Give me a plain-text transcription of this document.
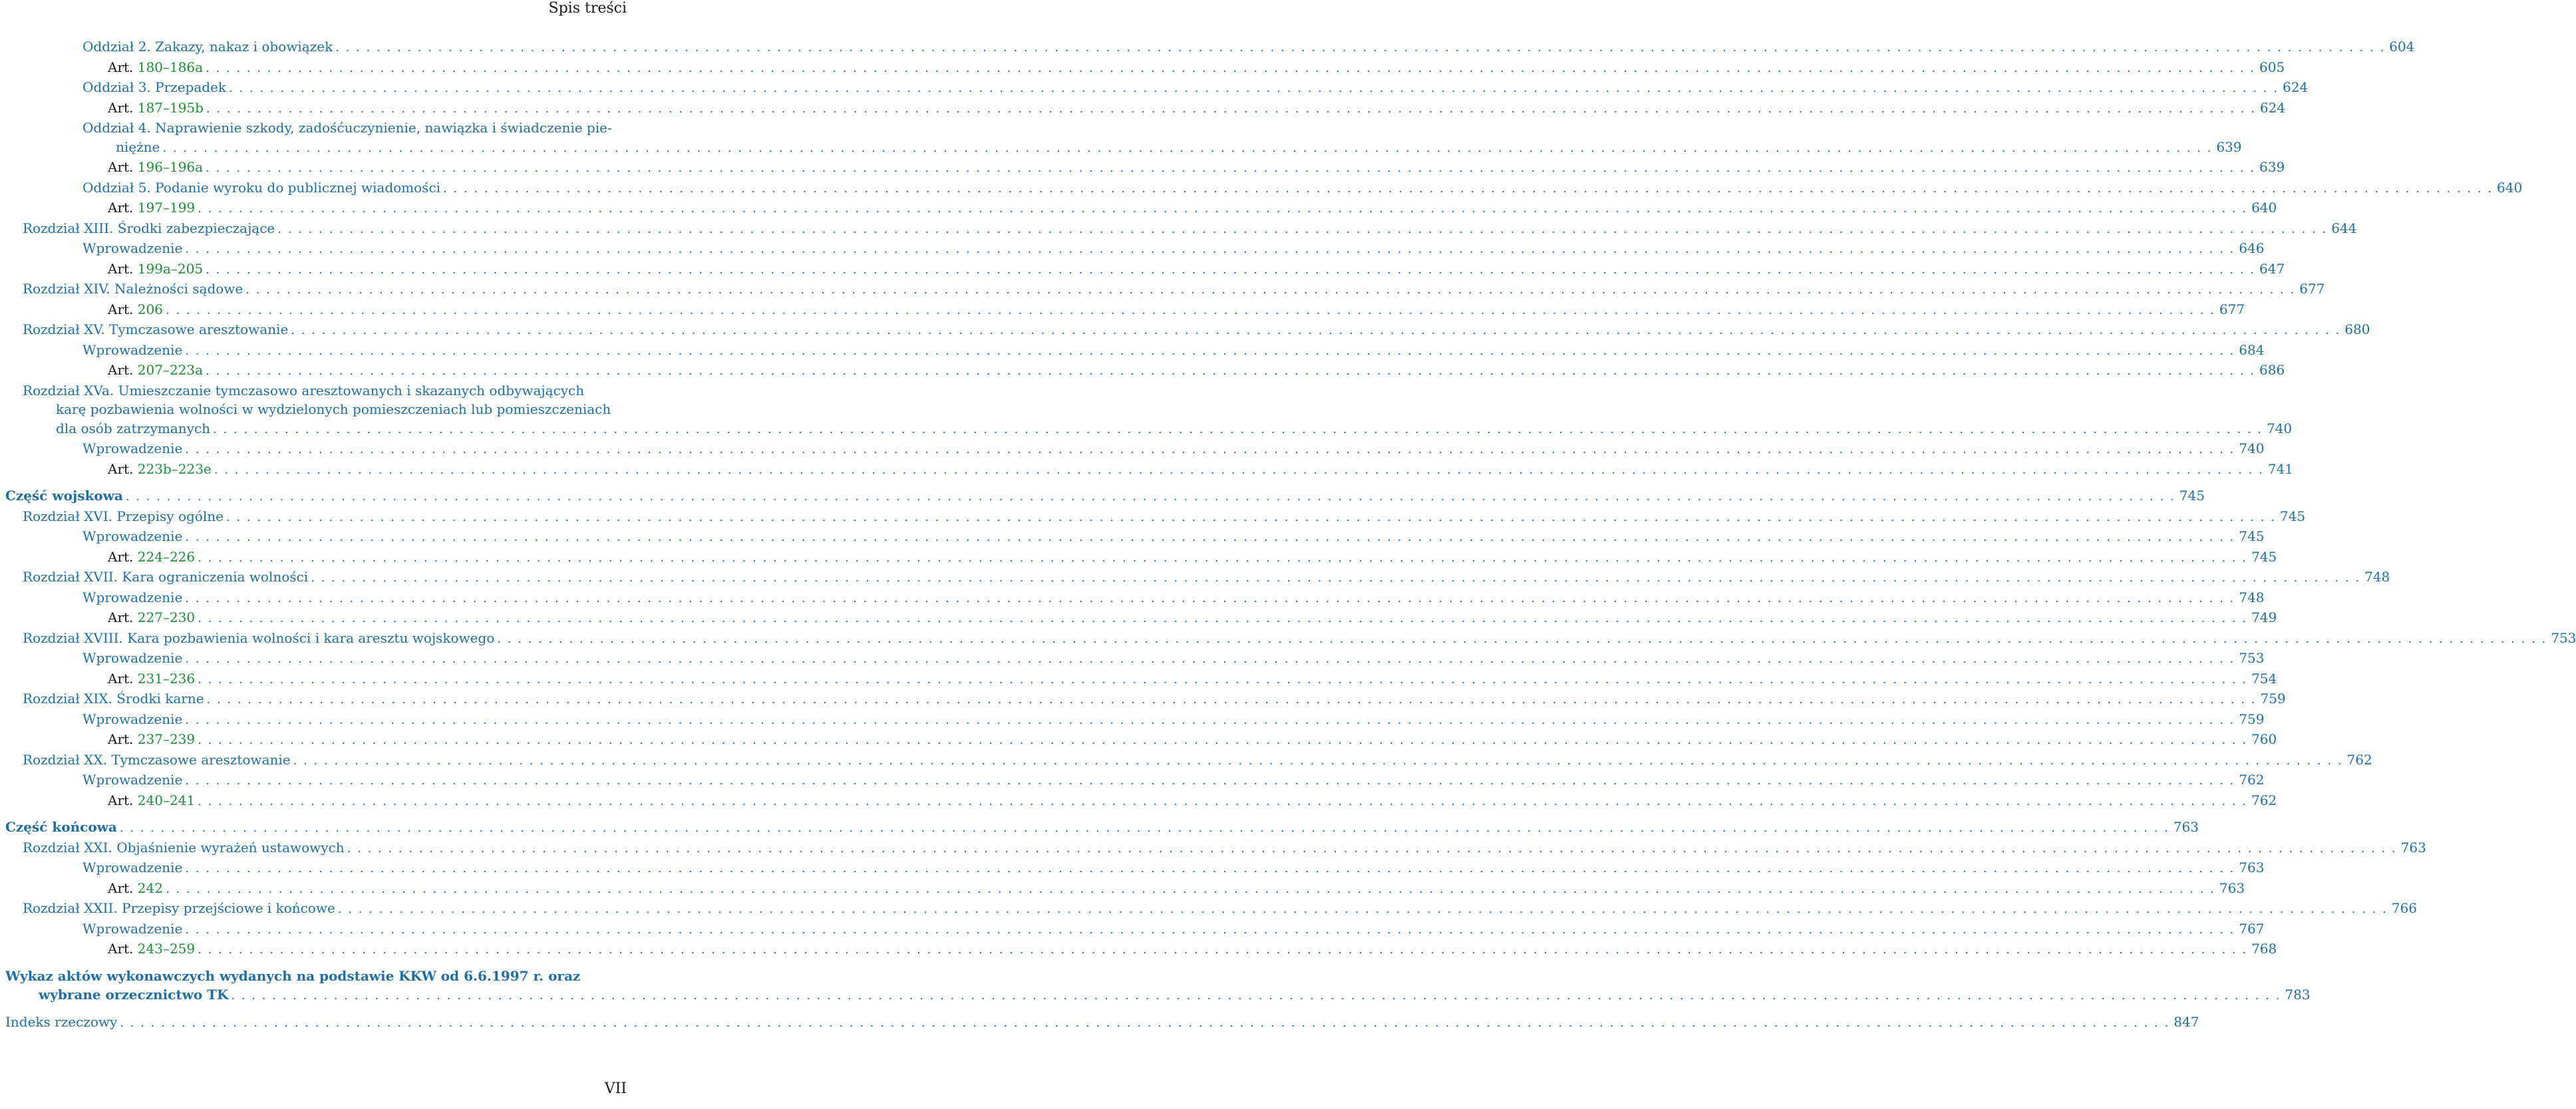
Spis treści
Oddział 2. Zakazy, nakaz i obowiązek . . . . . . . . . . . . . . . . . . . . . . . . . . . . . . . . . . . . . . . . . . . . . . . . . . . . . . . . . . . . . . . . . . . . . . . . . . . . . . . . . . . . . . . . . . . . . . . . . . . . . . . . . . . . . . . . . . . . . . . . . . . . . . . . . . . . . . . . . . . . . . . . . . . . . . . . . . . . . . . . . . . . . . . . . . . . . . . . . . . . . . . . . . . . . . . . . . . . . . . . 604
Art. 180–186a . . . . . . . . . . . . . . . . . . . . . . . . . . . . . . . . . . . . . . . . . . . . . . . . . . . . . . . . . . . . . . . . . . . . . . . . . . . . . . . . . . . . . . . . . . . . . . . . . . . . . . . . . . . . . . . . . . . . . . . . . . . . . . . . . . . . . . . . . . . . . . . . . . . . . . . . . . . . . . . . . . . . . . . . . . . . . . . . . . . . . . . . . . . . . . . . . . . . . . . . 605
Oddział 3. Przepadek . . . . . . . . . . . . . . . . . . . . . . . . . . . . . . . . . . . . . . . . . . . . . . . . . . . . . . . . . . . . . . . . . . . . . . . . . . . . . . . . . . . . . . . . . . . . . . . . . . . . . . . . . . . . . . . . . . . . . . . . . . . . . . . . . . . . . . . . . . . . . . . . . . . . . . . . . . . . . . . . . . . . . . . . . . . . . . . . . . . . . . . . . . . . . . . . . . . . . . . . 624
Art. 187–195b . . . . . . . . . . . . . . . . . . . . . . . . . . . . . . . . . . . . . . . . . . . . . . . . . . . . . . . . . . . . . . . . . . . . . . . . . . . . . . . . . . . . . . . . . . . . . . . . . . . . . . . . . . . . . . . . . . . . . . . . . . . . . . . . . . . . . . . . . . . . . . . . . . . . . . . . . . . . . . . . . . . . . . . . . . . . . . . . . . . . . . . . . . . . . . . . . . . . . . . . 624
Oddział 4. Naprawienie szkody, zadośćuczynienie, nawiązka i świadczenie pie-
niężne . . . . . . . . . . . . . . . . . . . . . . . . . . . . . . . . . . . . . . . . . . . . . . . . . . . . . . . . . . . . . . . . . . . . . . . . . . . . . . . . . . . . . . . . . . . . . . . . . . . . . . . . . . . . . . . . . . . . . . . . . . . . . . . . . . . . . . . . . . . . . . . . . . . . . . . . . . . . . . . . . . . . . . . . . . . . . . . . . . . . . . . . . . . . . . . . . . . . . . . . 639
Art. 196–196a . . . . . . . . . . . . . . . . . . . . . . . . . . . . . . . . . . . . . . . . . . . . . . . . . . . . . . . . . . . . . . . . . . . . . . . . . . . . . . . . . . . . . . . . . . . . . . . . . . . . . . . . . . . . . . . . . . . . . . . . . . . . . . . . . . . . . . . . . . . . . . . . . . . . . . . . . . . . . . . . . . . . . . . . . . . . . . . . . . . . . . . . . . . . . . . . . . . . . . . . 639
Oddział 5. Podanie wyroku do publicznej wiadomości . . . . . . . . . . . . . . . . . . . . . . . . . . . . . . . . . . . . . . . . . . . . . . . . . . . . . . . . . . . . . . . . . . . . . . . . . . . . . . . . . . . . . . . . . . . . . . . . . . . . . . . . . . . . . . . . . . . . . . . . . . . . . . . . . . . . . . . . . . . . . . . . . . . . . . . . . . . . . . . . . . . . . . . . . . . . . . . . . . . . . . . . . . . . . . . . . . . . . . . . 640
Art. 197–199 . . . . . . . . . . . . . . . . . . . . . . . . . . . . . . . . . . . . . . . . . . . . . . . . . . . . . . . . . . . . . . . . . . . . . . . . . . . . . . . . . . . . . . . . . . . . . . . . . . . . . . . . . . . . . . . . . . . . . . . . . . . . . . . . . . . . . . . . . . . . . . . . . . . . . . . . . . . . . . . . . . . . . . . . . . . . . . . . . . . . . . . . . . . . . . . . . . . . . . . . 640
Rozdział XIII. Środki zabezpieczające . . . . . . . . . . . . . . . . . . . . . . . . . . . . . . . . . . . . . . . . . . . . . . . . . . . . . . . . . . . . . . . . . . . . . . . . . . . . . . . . . . . . . . . . . . . . . . . . . . . . . . . . . . . . . . . . . . . . . . . . . . . . . . . . . . . . . . . . . . . . . . . . . . . . . . . . . . . . . . . . . . . . . . . . . . . . . . . . . . . . . . . . . . . . . . . . . . . . . . . . 644
Wprowadzenie . . . . . . . . . . . . . . . . . . . . . . . . . . . . . . . . . . . . . . . . . . . . . . . . . . . . . . . . . . . . . . . . . . . . . . . . . . . . . . . . . . . . . . . . . . . . . . . . . . . . . . . . . . . . . . . . . . . . . . . . . . . . . . . . . . . . . . . . . . . . . . . . . . . . . . . . . . . . . . . . . . . . . . . . . . . . . . . . . . . . . . . . . . . . . . . . . . . . . . . . 646
Art. 199a–205 . . . . . . . . . . . . . . . . . . . . . . . . . . . . . . . . . . . . . . . . . . . . . . . . . . . . . . . . . . . . . . . . . . . . . . . . . . . . . . . . . . . . . . . . . . . . . . . . . . . . . . . . . . . . . . . . . . . . . . . . . . . . . . . . . . . . . . . . . . . . . . . . . . . . . . . . . . . . . . . . . . . . . . . . . . . . . . . . . . . . . . . . . . . . . . . . . . . . . . . . 647
Rozdział XIV. Należności sądowe . . . . . . . . . . . . . . . . . . . . . . . . . . . . . . . . . . . . . . . . . . . . . . . . . . . . . . . . . . . . . . . . . . . . . . . . . . . . . . . . . . . . . . . . . . . . . . . . . . . . . . . . . . . . . . . . . . . . . . . . . . . . . . . . . . . . . . . . . . . . . . . . . . . . . . . . . . . . . . . . . . . . . . . . . . . . . . . . . . . . . . . . . . . . . . . . . . . . . . . . 677
Art. 206 . . . . . . . . . . . . . . . . . . . . . . . . . . . . . . . . . . . . . . . . . . . . . . . . . . . . . . . . . . . . . . . . . . . . . . . . . . . . . . . . . . . . . . . . . . . . . . . . . . . . . . . . . . . . . . . . . . . . . . . . . . . . . . . . . . . . . . . . . . . . . . . . . . . . . . . . . . . . . . . . . . . . . . . . . . . . . . . . . . . . . . . . . . . . . . . . . . . . . . . . 677
Rozdział XV. Tymczasowe aresztowanie . . . . . . . . . . . . . . . . . . . . . . . . . . . . . . . . . . . . . . . . . . . . . . . . . . . . . . . . . . . . . . . . . . . . . . . . . . . . . . . . . . . . . . . . . . . . . . . . . . . . . . . . . . . . . . . . . . . . . . . . . . . . . . . . . . . . . . . . . . . . . . . . . . . . . . . . . . . . . . . . . . . . . . . . . . . . . . . . . . . . . . . . . . . . . . . . . . . . . . . . 680
Wprowadzenie . . . . . . . . . . . . . . . . . . . . . . . . . . . . . . . . . . . . . . . . . . . . . . . . . . . . . . . . . . . . . . . . . . . . . . . . . . . . . . . . . . . . . . . . . . . . . . . . . . . . . . . . . . . . . . . . . . . . . . . . . . . . . . . . . . . . . . . . . . . . . . . . . . . . . . . . . . . . . . . . . . . . . . . . . . . . . . . . . . . . . . . . . . . . . . . . . . . . . . . . 684
Art. 207–223a . . . . . . . . . . . . . . . . . . . . . . . . . . . . . . . . . . . . . . . . . . . . . . . . . . . . . . . . . . . . . . . . . . . . . . . . . . . . . . . . . . . . . . . . . . . . . . . . . . . . . . . . . . . . . . . . . . . . . . . . . . . . . . . . . . . . . . . . . . . . . . . . . . . . . . . . . . . . . . . . . . . . . . . . . . . . . . . . . . . . . . . . . . . . . . . . . . . . . . . . 686
Rozdział XVa. Umieszczanie tymczasowo aresztowanych i skazanych odbywających
karę pozbawienia wolności w wydzielonych pomieszczeniach lub pomieszczeniach
dla osób zatrzymanych . . . . . . . . . . . . . . . . . . . . . . . . . . . . . . . . . . . . . . . . . . . . . . . . . . . . . . . . . . . . . . . . . . . . . . . . . . . . . . . . . . . . . . . . . . . . . . . . . . . . . . . . . . . . . . . . . . . . . . . . . . . . . . . . . . . . . . . . . . . . . . . . . . . . . . . . . . . . . . . . . . . . . . . . . . . . . . . . . . . . . . . . . . . . . . . . . . . . . . . . 740
Wprowadzenie . . . . . . . . . . . . . . . . . . . . . . . . . . . . . . . . . . . . . . . . . . . . . . . . . . . . . . . . . . . . . . . . . . . . . . . . . . . . . . . . . . . . . . . . . . . . . . . . . . . . . . . . . . . . . . . . . . . . . . . . . . . . . . . . . . . . . . . . . . . . . . . . . . . . . . . . . . . . . . . . . . . . . . . . . . . . . . . . . . . . . . . . . . . . . . . . . . . . . . . . 740
Art. 223b–223e . . . . . . . . . . . . . . . . . . . . . . . . . . . . . . . . . . . . . . . . . . . . . . . . . . . . . . . . . . . . . . . . . . . . . . . . . . . . . . . . . . . . . . . . . . . . . . . . . . . . . . . . . . . . . . . . . . . . . . . . . . . . . . . . . . . . . . . . . . . . . . . . . . . . . . . . . . . . . . . . . . . . . . . . . . . . . . . . . . . . . . . . . . . . . . . . . . . . . . . . 741
Część wojskowa . . . . . . . . . . . . . . . . . . . . . . . . . . . . . . . . . . . . . . . . . . . . . . . . . . . . . . . . . . . . . . . . . . . . . . . . . . . . . . . . . . . . . . . . . . . . . . . . . . . . . . . . . . . . . . . . . . . . . . . . . . . . . . . . . . . . . . . . . . . . . . . . . . . . . . . . . . . . . . . . . . . . . . . . . . . . . . . . . . . . . . . . . . . . . . . . . . . . . . . . 745
Rozdział XVI. Przepisy ogólne . . . . . . . . . . . . . . . . . . . . . . . . . . . . . . . . . . . . . . . . . . . . . . . . . . . . . . . . . . . . . . . . . . . . . . . . . . . . . . . . . . . . . . . . . . . . . . . . . . . . . . . . . . . . . . . . . . . . . . . . . . . . . . . . . . . . . . . . . . . . . . . . . . . . . . . . . . . . . . . . . . . . . . . . . . . . . . . . . . . . . . . . . . . . . . . . . . . . . . . . 745
Wprowadzenie . . . . . . . . . . . . . . . . . . . . . . . . . . . . . . . . . . . . . . . . . . . . . . . . . . . . . . . . . . . . . . . . . . . . . . . . . . . . . . . . . . . . . . . . . . . . . . . . . . . . . . . . . . . . . . . . . . . . . . . . . . . . . . . . . . . . . . . . . . . . . . . . . . . . . . . . . . . . . . . . . . . . . . . . . . . . . . . . . . . . . . . . . . . . . . . . . . . . . . . . 745
Art. 224–226 . . . . . . . . . . . . . . . . . . . . . . . . . . . . . . . . . . . . . . . . . . . . . . . . . . . . . . . . . . . . . . . . . . . . . . . . . . . . . . . . . . . . . . . . . . . . . . . . . . . . . . . . . . . . . . . . . . . . . . . . . . . . . . . . . . . . . . . . . . . . . . . . . . . . . . . . . . . . . . . . . . . . . . . . . . . . . . . . . . . . . . . . . . . . . . . . . . . . . . . . 745
Rozdział XVII. Kara ograniczenia wolności . . . . . . . . . . . . . . . . . . . . . . . . . . . . . . . . . . . . . . . . . . . . . . . . . . . . . . . . . . . . . . . . . . . . . . . . . . . . . . . . . . . . . . . . . . . . . . . . . . . . . . . . . . . . . . . . . . . . . . . . . . . . . . . . . . . . . . . . . . . . . . . . . . . . . . . . . . . . . . . . . . . . . . . . . . . . . . . . . . . . . . . . . . . . . . . . . . . . . . . . 748
Wprowadzenie . . . . . . . . . . . . . . . . . . . . . . . . . . . . . . . . . . . . . . . . . . . . . . . . . . . . . . . . . . . . . . . . . . . . . . . . . . . . . . . . . . . . . . . . . . . . . . . . . . . . . . . . . . . . . . . . . . . . . . . . . . . . . . . . . . . . . . . . . . . . . . . . . . . . . . . . . . . . . . . . . . . . . . . . . . . . . . . . . . . . . . . . . . . . . . . . . . . . . . . . 748
Art. 227–230 . . . . . . . . . . . . . . . . . . . . . . . . . . . . . . . . . . . . . . . . . . . . . . . . . . . . . . . . . . . . . . . . . . . . . . . . . . . . . . . . . . . . . . . . . . . . . . . . . . . . . . . . . . . . . . . . . . . . . . . . . . . . . . . . . . . . . . . . . . . . . . . . . . . . . . . . . . . . . . . . . . . . . . . . . . . . . . . . . . . . . . . . . . . . . . . . . . . . . . . . 749
Rozdział XVIII. Kara pozbawienia wolności i kara aresztu wojskowego . . . . . . . . . . . . . . . . . . . . . . . . . . . . . . . . . . . . . . . . . . . . . . . . . . . . . . . . . . . . . . . . . . . . . . . . . . . . . . . . . . . . . . . . . . . . . . . . . . . . . . . . . . . . . . . . . . . . . . . . . . . . . . . . . . . . . . . . . . . . . . . . . . . . . . . . . . . . . . . . . . . . . . . . . . . . . . . . . . . . . . . . . . . . . . . . . . . . . . . . 753
Wprowadzenie . . . . . . . . . . . . . . . . . . . . . . . . . . . . . . . . . . . . . . . . . . . . . . . . . . . . . . . . . . . . . . . . . . . . . . . . . . . . . . . . . . . . . . . . . . . . . . . . . . . . . . . . . . . . . . . . . . . . . . . . . . . . . . . . . . . . . . . . . . . . . . . . . . . . . . . . . . . . . . . . . . . . . . . . . . . . . . . . . . . . . . . . . . . . . . . . . . . . . . . . 753
Art. 231–236 . . . . . . . . . . . . . . . . . . . . . . . . . . . . . . . . . . . . . . . . . . . . . . . . . . . . . . . . . . . . . . . . . . . . . . . . . . . . . . . . . . . . . . . . . . . . . . . . . . . . . . . . . . . . . . . . . . . . . . . . . . . . . . . . . . . . . . . . . . . . . . . . . . . . . . . . . . . . . . . . . . . . . . . . . . . . . . . . . . . . . . . . . . . . . . . . . . . . . . . . 754
Rozdział XIX. Środki karne . . . . . . . . . . . . . . . . . . . . . . . . . . . . . . . . . . . . . . . . . . . . . . . . . . . . . . . . . . . . . . . . . . . . . . . . . . . . . . . . . . . . . . . . . . . . . . . . . . . . . . . . . . . . . . . . . . . . . . . . . . . . . . . . . . . . . . . . . . . . . . . . . . . . . . . . . . . . . . . . . . . . . . . . . . . . . . . . . . . . . . . . . . . . . . . . . . . . . . . . 759
Wprowadzenie . . . . . . . . . . . . . . . . . . . . . . . . . . . . . . . . . . . . . . . . . . . . . . . . . . . . . . . . . . . . . . . . . . . . . . . . . . . . . . . . . . . . . . . . . . . . . . . . . . . . . . . . . . . . . . . . . . . . . . . . . . . . . . . . . . . . . . . . . . . . . . . . . . . . . . . . . . . . . . . . . . . . . . . . . . . . . . . . . . . . . . . . . . . . . . . . . . . . . . . . 759
Art. 237–239 . . . . . . . . . . . . . . . . . . . . . . . . . . . . . . . . . . . . . . . . . . . . . . . . . . . . . . . . . . . . . . . . . . . . . . . . . . . . . . . . . . . . . . . . . . . . . . . . . . . . . . . . . . . . . . . . . . . . . . . . . . . . . . . . . . . . . . . . . . . . . . . . . . . . . . . . . . . . . . . . . . . . . . . . . . . . . . . . . . . . . . . . . . . . . . . . . . . . . . . . 760
Rozdział XX. Tymczasowe aresztowanie . . . . . . . . . . . . . . . . . . . . . . . . . . . . . . . . . . . . . . . . . . . . . . . . . . . . . . . . . . . . . . . . . . . . . . . . . . . . . . . . . . . . . . . . . . . . . . . . . . . . . . . . . . . . . . . . . . . . . . . . . . . . . . . . . . . . . . . . . . . . . . . . . . . . . . . . . . . . . . . . . . . . . . . . . . . . . . . . . . . . . . . . . . . . . . . . . . . . . . . . 762
Wprowadzenie . . . . . . . . . . . . . . . . . . . . . . . . . . . . . . . . . . . . . . . . . . . . . . . . . . . . . . . . . . . . . . . . . . . . . . . . . . . . . . . . . . . . . . . . . . . . . . . . . . . . . . . . . . . . . . . . . . . . . . . . . . . . . . . . . . . . . . . . . . . . . . . . . . . . . . . . . . . . . . . . . . . . . . . . . . . . . . . . . . . . . . . . . . . . . . . . . . . . . . . . 762
Art. 240–241 . . . . . . . . . . . . . . . . . . . . . . . . . . . . . . . . . . . . . . . . . . . . . . . . . . . . . . . . . . . . . . . . . . . . . . . . . . . . . . . . . . . . . . . . . . . . . . . . . . . . . . . . . . . . . . . . . . . . . . . . . . . . . . . . . . . . . . . . . . . . . . . . . . . . . . . . . . . . . . . . . . . . . . . . . . . . . . . . . . . . . . . . . . . . . . . . . . . . . . . . 762
Część końcowa . . . . . . . . . . . . . . . . . . . . . . . . . . . . . . . . . . . . . . . . . . . . . . . . . . . . . . . . . . . . . . . . . . . . . . . . . . . . . . . . . . . . . . . . . . . . . . . . . . . . . . . . . . . . . . . . . . . . . . . . . . . . . . . . . . . . . . . . . . . . . . . . . . . . . . . . . . . . . . . . . . . . . . . . . . . . . . . . . . . . . . . . . . . . . . . . . . . . . . . . 763
Rozdział XXI. Objaśnienie wyrażeń ustawowych . . . . . . . . . . . . . . . . . . . . . . . . . . . . . . . . . . . . . . . . . . . . . . . . . . . . . . . . . . . . . . . . . . . . . . . . . . . . . . . . . . . . . . . . . . . . . . . . . . . . . . . . . . . . . . . . . . . . . . . . . . . . . . . . . . . . . . . . . . . . . . . . . . . . . . . . . . . . . . . . . . . . . . . . . . . . . . . . . . . . . . . . . . . . . . . . . . . . . . . . 763
Wprowadzenie . . . . . . . . . . . . . . . . . . . . . . . . . . . . . . . . . . . . . . . . . . . . . . . . . . . . . . . . . . . . . . . . . . . . . . . . . . . . . . . . . . . . . . . . . . . . . . . . . . . . . . . . . . . . . . . . . . . . . . . . . . . . . . . . . . . . . . . . . . . . . . . . . . . . . . . . . . . . . . . . . . . . . . . . . . . . . . . . . . . . . . . . . . . . . . . . . . . . . . . . 763
Art. 242 . . . . . . . . . . . . . . . . . . . . . . . . . . . . . . . . . . . . . . . . . . . . . . . . . . . . . . . . . . . . . . . . . . . . . . . . . . . . . . . . . . . . . . . . . . . . . . . . . . . . . . . . . . . . . . . . . . . . . . . . . . . . . . . . . . . . . . . . . . . . . . . . . . . . . . . . . . . . . . . . . . . . . . . . . . . . . . . . . . . . . . . . . . . . . . . . . . . . . . . . 763
Rozdział XXII. Przepisy przejściowe i końcowe . . . . . . . . . . . . . . . . . . . . . . . . . . . . . . . . . . . . . . . . . . . . . . . . . . . . . . . . . . . . . . . . . . . . . . . . . . . . . . . . . . . . . . . . . . . . . . . . . . . . . . . . . . . . . . . . . . . . . . . . . . . . . . . . . . . . . . . . . . . . . . . . . . . . . . . . . . . . . . . . . . . . . . . . . . . . . . . . . . . . . . . . . . . . . . . . . . . . . . . . 766
Wprowadzenie . . . . . . . . . . . . . . . . . . . . . . . . . . . . . . . . . . . . . . . . . . . . . . . . . . . . . . . . . . . . . . . . . . . . . . . . . . . . . . . . . . . . . . . . . . . . . . . . . . . . . . . . . . . . . . . . . . . . . . . . . . . . . . . . . . . . . . . . . . . . . . . . . . . . . . . . . . . . . . . . . . . . . . . . . . . . . . . . . . . . . . . . . . . . . . . . . . . . . . . . 767
Art. 243–259 . . . . . . . . . . . . . . . . . . . . . . . . . . . . . . . . . . . . . . . . . . . . . . . . . . . . . . . . . . . . . . . . . . . . . . . . . . . . . . . . . . . . . . . . . . . . . . . . . . . . . . . . . . . . . . . . . . . . . . . . . . . . . . . . . . . . . . . . . . . . . . . . . . . . . . . . . . . . . . . . . . . . . . . . . . . . . . . . . . . . . . . . . . . . . . . . . . . . . . . . 768
Wykaz aktów wykonawczych wydanych na podstawie KKW od 6.6.1997 r. oraz
wybrane orzecznictwo TK . . . . . . . . . . . . . . . . . . . . . . . . . . . . . . . . . . . . . . . . . . . . . . . . . . . . . . . . . . . . . . . . . . . . . . . . . . . . . . . . . . . . . . . . . . . . . . . . . . . . . . . . . . . . . . . . . . . . . . . . . . . . . . . . . . . . . . . . . . . . . . . . . . . . . . . . . . . . . . . . . . . . . . . . . . . . . . . . . . . . . . . . . . . . . . . . . . . . . . . . 783
Indeks rzeczowy . . . . . . . . . . . . . . . . . . . . . . . . . . . . . . . . . . . . . . . . . . . . . . . . . . . . . . . . . . . . . . . . . . . . . . . . . . . . . . . . . . . . . . . . . . . . . . . . . . . . . . . . . . . . . . . . . . . . . . . . . . . . . . . . . . . . . . . . . . . . . . . . . . . . . . . . . . . . . . . . . . . . . . . . . . . . . . . . . . . . . . . . . . . . . . . . . . . . . . . . 847
VII
